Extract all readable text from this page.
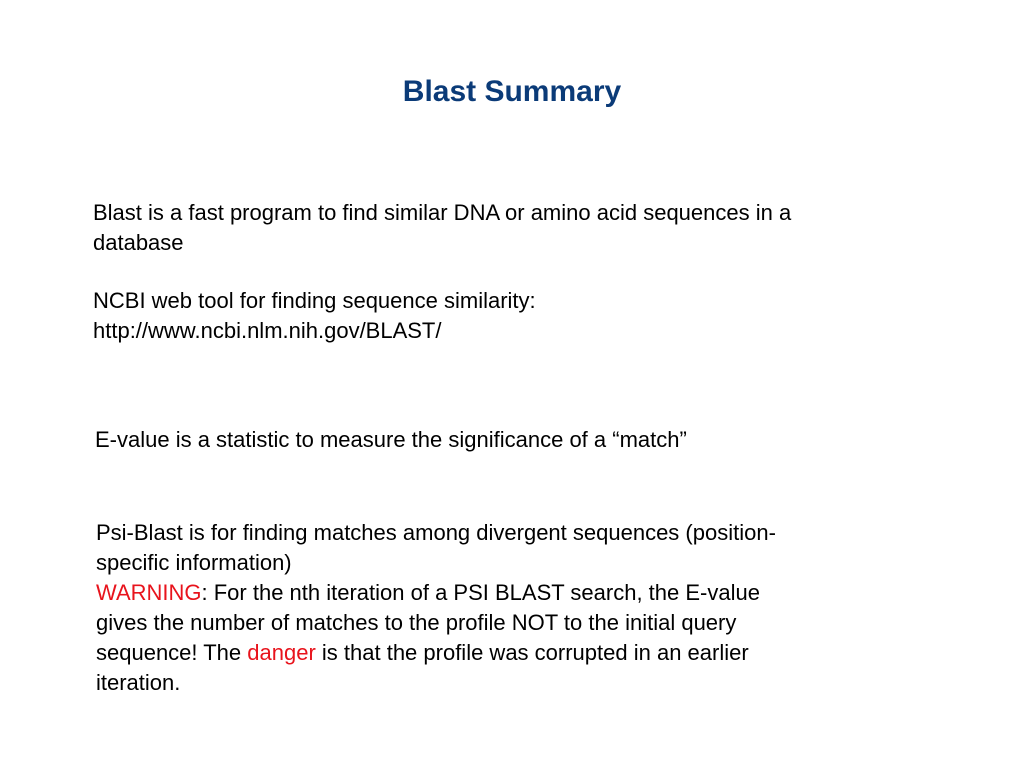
Blast Summary
Blast is a fast program to find similar DNA or amino acid sequences in a
database
NCBI web tool for finding sequence similarity:
http://www.ncbi.nlm.nih.gov/BLAST/
E-value is a statistic to measure the significance of a “match”
Psi-Blast is for finding matches among divergent sequences (position-
specific information)
WARNING: For the nth iteration of a PSI BLAST search, the E-value
gives the number of matches to the profile NOT to the initial query
sequence! The danger is that the profile was corrupted in an earlier
iteration.
